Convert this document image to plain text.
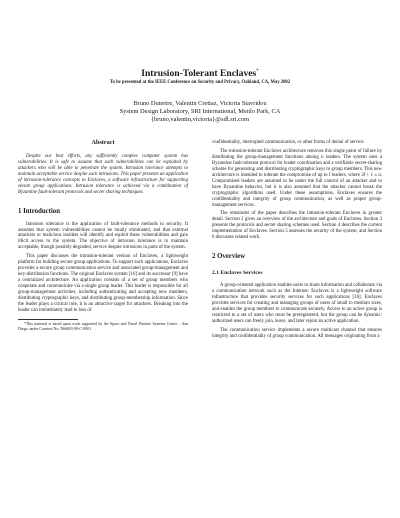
Intrusion-Tolerant Enclaves*
To be presented at the IEEE Conference on Security and Privacy, Oakland, CA, May 2002
Bruno Dutertre, Valentin Crettaz, Victoria Stavridou
System Design Laboratory, SRI International, Menlo Park, CA
{bruno,valentin,victoria}@sdl.sri.com
Abstract

Despite our best efforts, any sufficiently complex computer system has vulnerabilities. It is safe to assume that such vulnerabilities can be exploited by attackers who will be able to penetrate the system. Intrusion tolerance attempts to maintain acceptable service despite such intrusions. This paper presents an application of intrusion-tolerance concepts to Enclaves, a software infrastructure for supporting secure group applications. Intrusion tolerance is achieved via a combination of Byzantine fault-tolerant protocols and secret sharing techniques.

1 Introduction

Intrusion tolerance is the application of fault-tolerance methods to security. It assumes that system vulnerabilities cannot be totally eliminated, and that external attackers or malicious insiders will identify and exploit these vulnerabilities and gain illicit access to the system. The objective of intrusion tolerance is to maintain acceptable, though possibly degraded, service despite intrusions in parts of the system.

This paper discusses the intrusion-tolerant version of Enclaves, a lightweight platform for building secure group applications. To support such applications, Enclaves provides a secure group communication service and associated group-management and key-distribution functions. The original Enclaves system [16] and its successor [9] have a centralized architecture. An application consists of a set of group members who cooperate and communicate via a single group leader. This leader is responsible for all group-management activities, including authenticating and accepting new members, distributing cryptographic keys, and distributing group-membership information. Since the leader plays a critical role, it is an attractive target for attackers. Breaking into the leader can immediately lead to loss of

*This material is based upon work supported by the Space and Naval Warfare Systems Center – San Diego, under Contract No. N66001-00-C-8001.

confidentiality, interrupted communication, or other forms of denial of service.

The intrusion-tolerant Enclaves architecture removes this single point of failure by distributing the group-management functions among n leaders. The system uses a Byzantine fault-tolerant protocol for leader coordination and a verifiable secret-sharing scheme for generating and distributing cryptographic keys to group members. This new architecture is intended to tolerate the compromise of up to f leaders, where 3f + 1 ≤ n. Compromised leaders are assumed to be under the full control of an attacker and to have Byzantine behavior, but it is also assumed that the attacker cannot break the cryptographic algorithms used. Under these assumptions, Enclaves ensures the confidentiality and integrity of group communication, as well as proper group-management services.

The remainder of the paper describes the intrusion-tolerant Enclaves in greater detail. Section 2 gives an overview of the architecture and goals of Enclaves. Section 3 presents the protocols and secret sharing schemes used. Section 4 describes the current implementation of Enclaves. Section 5 assesses the security of the system, and Section 6 discusses related work.

2 Overview
2.1 Enclaves Services

A group-oriented application enables users to share information and collaborate via a communication network such as the Internet. Enclaves is a lightweight software infrastructure that provides security services for such applications [16]. Enclaves provides services for creating and managing groups of users of small to medium sizes, and enables the group members to communicate securely. Access to an active group is restricted to a set of users who must be preregistered, but the group can be dynamic: authorized users can freely join, leave, and later rejoin an active application.

The communication service implements a secure multicast channel that ensures integrity and confidentiality of group communication. All messages originating from a
